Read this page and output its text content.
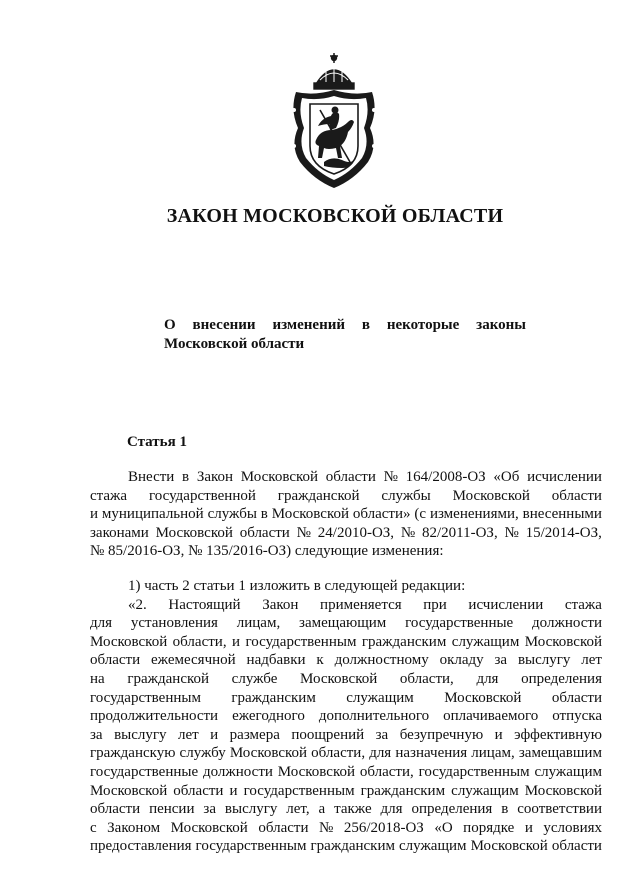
ЗАКОН МОСКОВСКОЙ ОБЛАСТИ
О внесении изменений в некоторые законы
Московской области
Статья 1
Внести в Закон Московской области № 164/2008-ОЗ «Об исчислении
стажа государственной гражданской службы Московской области
и муниципальной службы в Московской области» (с изменениями, внесенными
законами Московской области № 24/2010-ОЗ, № 82/2011-ОЗ, № 15/2014-ОЗ,
№ 85/2016-ОЗ, № 135/2016-ОЗ) следующие изменения:
1) часть 2 статьи 1 изложить в следующей редакции:
«2. Настоящий Закон применяется при исчислении стажа
для установления лицам, замещающим государственные должности
Московской области, и государственным гражданским служащим Московской
области ежемесячной надбавки к должностному окладу за выслугу лет
на гражданской службе Московской области, для определения
государственным гражданским служащим Московской области
продолжительности ежегодного дополнительного оплачиваемого отпуска
за выслугу лет и размера поощрений за безупречную и эффективную
гражданскую службу Московской области, для назначения лицам, замещавшим
государственные должности Московской области, государственным служащим
Московской области и государственным гражданским служащим Московской
области пенсии за выслугу лет, а также для определения в соответствии
с Законом Московской области № 256/2018-ОЗ «О порядке и условиях
предоставления государственным гражданским служащим Московской области
